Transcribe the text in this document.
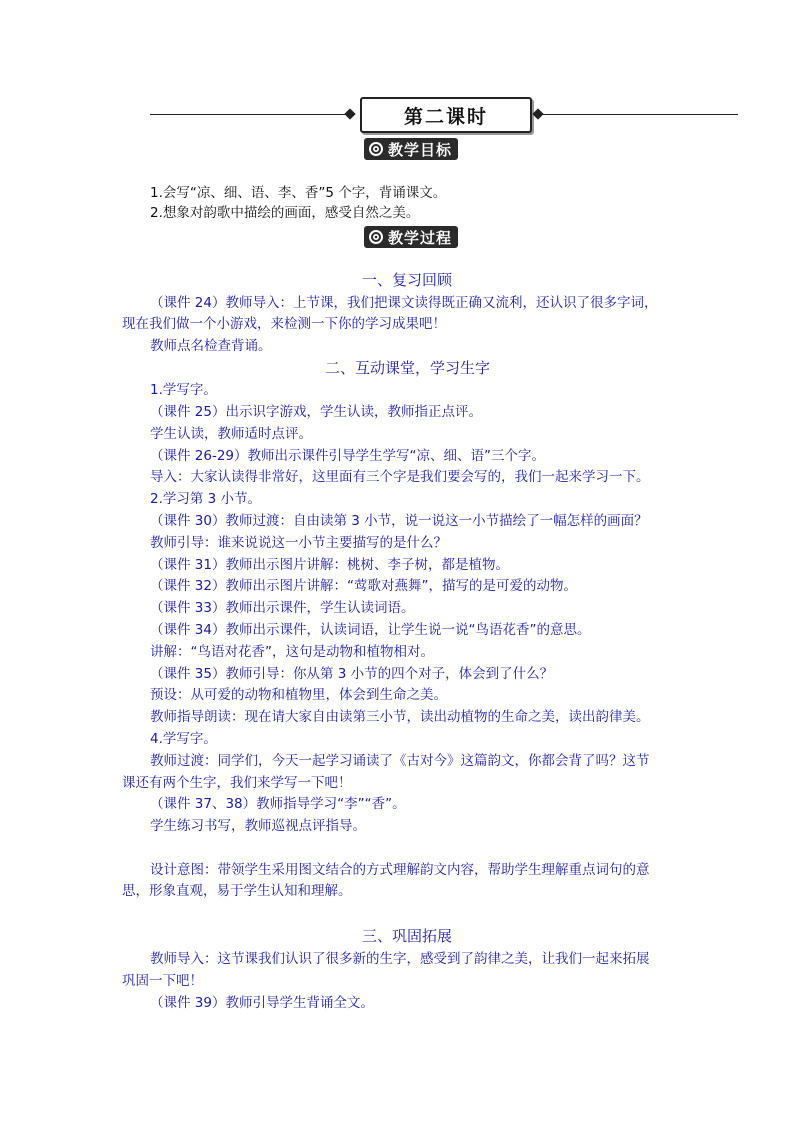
第二课时
教学目标
1.会写“凉、细、语、李、香”5 个字，背诵课文。
2.想象对韵歌中描绘的画面，感受自然之美。
教学过程
一、复习回顾
（课件 24）教师导入：上节课，我们把课文读得既正确又流利，还认识了很多字词，
现在我们做一个小游戏，来检测一下你的学习成果吧！
教师点名检查背诵。
二、互动课堂，学习生字
1.学写字。
（课件 25）出示识字游戏，学生认读，教师指正点评。
学生认读，教师适时点评。
（课件 26-29）教师出示课件引导学生学写“凉、细、语”三个字。
导入：大家认读得非常好，这里面有三个字是我们要会写的，我们一起来学习一下。
2.学习第 3 小节。
（课件 30）教师过渡：自由读第 3 小节，说一说这一小节描绘了一幅怎样的画面？
教师引导：谁来说说这一小节主要描写的是什么？
（课件 31）教师出示图片讲解：桃树、李子树，都是植物。
（课件 32）教师出示图片讲解：“莺歌对燕舞”，描写的是可爱的动物。
（课件 33）教师出示课件，学生认读词语。
（课件 34）教师出示课件，认读词语，让学生说一说“鸟语花香”的意思。
讲解：“鸟语对花香”，这句是动物和植物相对。
（课件 35）教师引导：你从第 3 小节的四个对子，体会到了什么？
预设：从可爱的动物和植物里，体会到生命之美。
教师指导朗读：现在请大家自由读第三小节，读出动植物的生命之美，读出韵律美。
4.学写字。
教师过渡：同学们，今天一起学习诵读了《古对今》这篇韵文，你都会背了吗？这节
课还有两个生字，我们来学写一下吧！
（课件 37、38）教师指导学习“李”“香”。
学生练习书写，教师巡视点评指导。
设计意图：带领学生采用图文结合的方式理解韵文内容，帮助学生理解重点词句的意
思，形象直观，易于学生认知和理解。
三、巩固拓展
教师导入：这节课我们认识了很多新的生字，感受到了韵律之美，让我们一起来拓展
巩固一下吧！
（课件 39）教师引导学生背诵全文。
